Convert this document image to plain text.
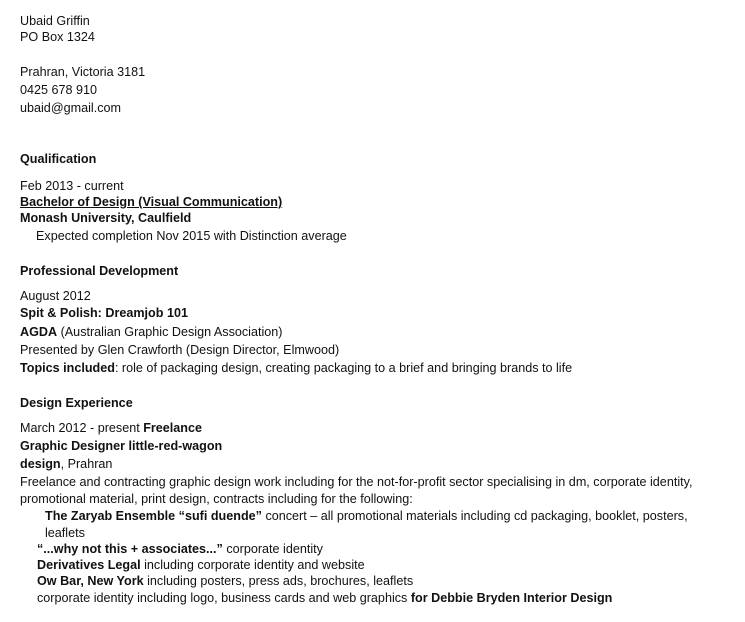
Ubaid Griffin
PO Box 1324
Prahran, Victoria 3181
0425 678 910
ubaid@gmail.com
Qualification
Feb 2013 - current
Bachelor of Design (Visual Communication)
Monash University, Caulfield
Expected completion Nov 2015 with Distinction average
Professional Development
August 2012
Spit & Polish: Dreamjob 101
AGDA (Australian Graphic Design Association)
Presented by Glen Crawforth (Design Director, Elmwood)
Topics included: role of packaging design, creating packaging to a brief and bringing brands to life
Design Experience
March 2012 - present Freelance
Graphic Designer little-red-wagon
design, Prahran
Freelance and contracting graphic design work including for the not-for-profit sector specialising in dm, corporate identity, promotional material, print design, contracts including for the following:
The Zaryab Ensemble “sufi duende” concert – all promotional materials including cd packaging, booklet, posters, leaflets
“...why not this + associates...” corporate identity
Derivatives Legal including corporate identity and website
Ow Bar, New York including posters, press ads, brochures, leaflets
corporate identity including logo, business cards and web graphics for Debbie Bryden Interior Design
